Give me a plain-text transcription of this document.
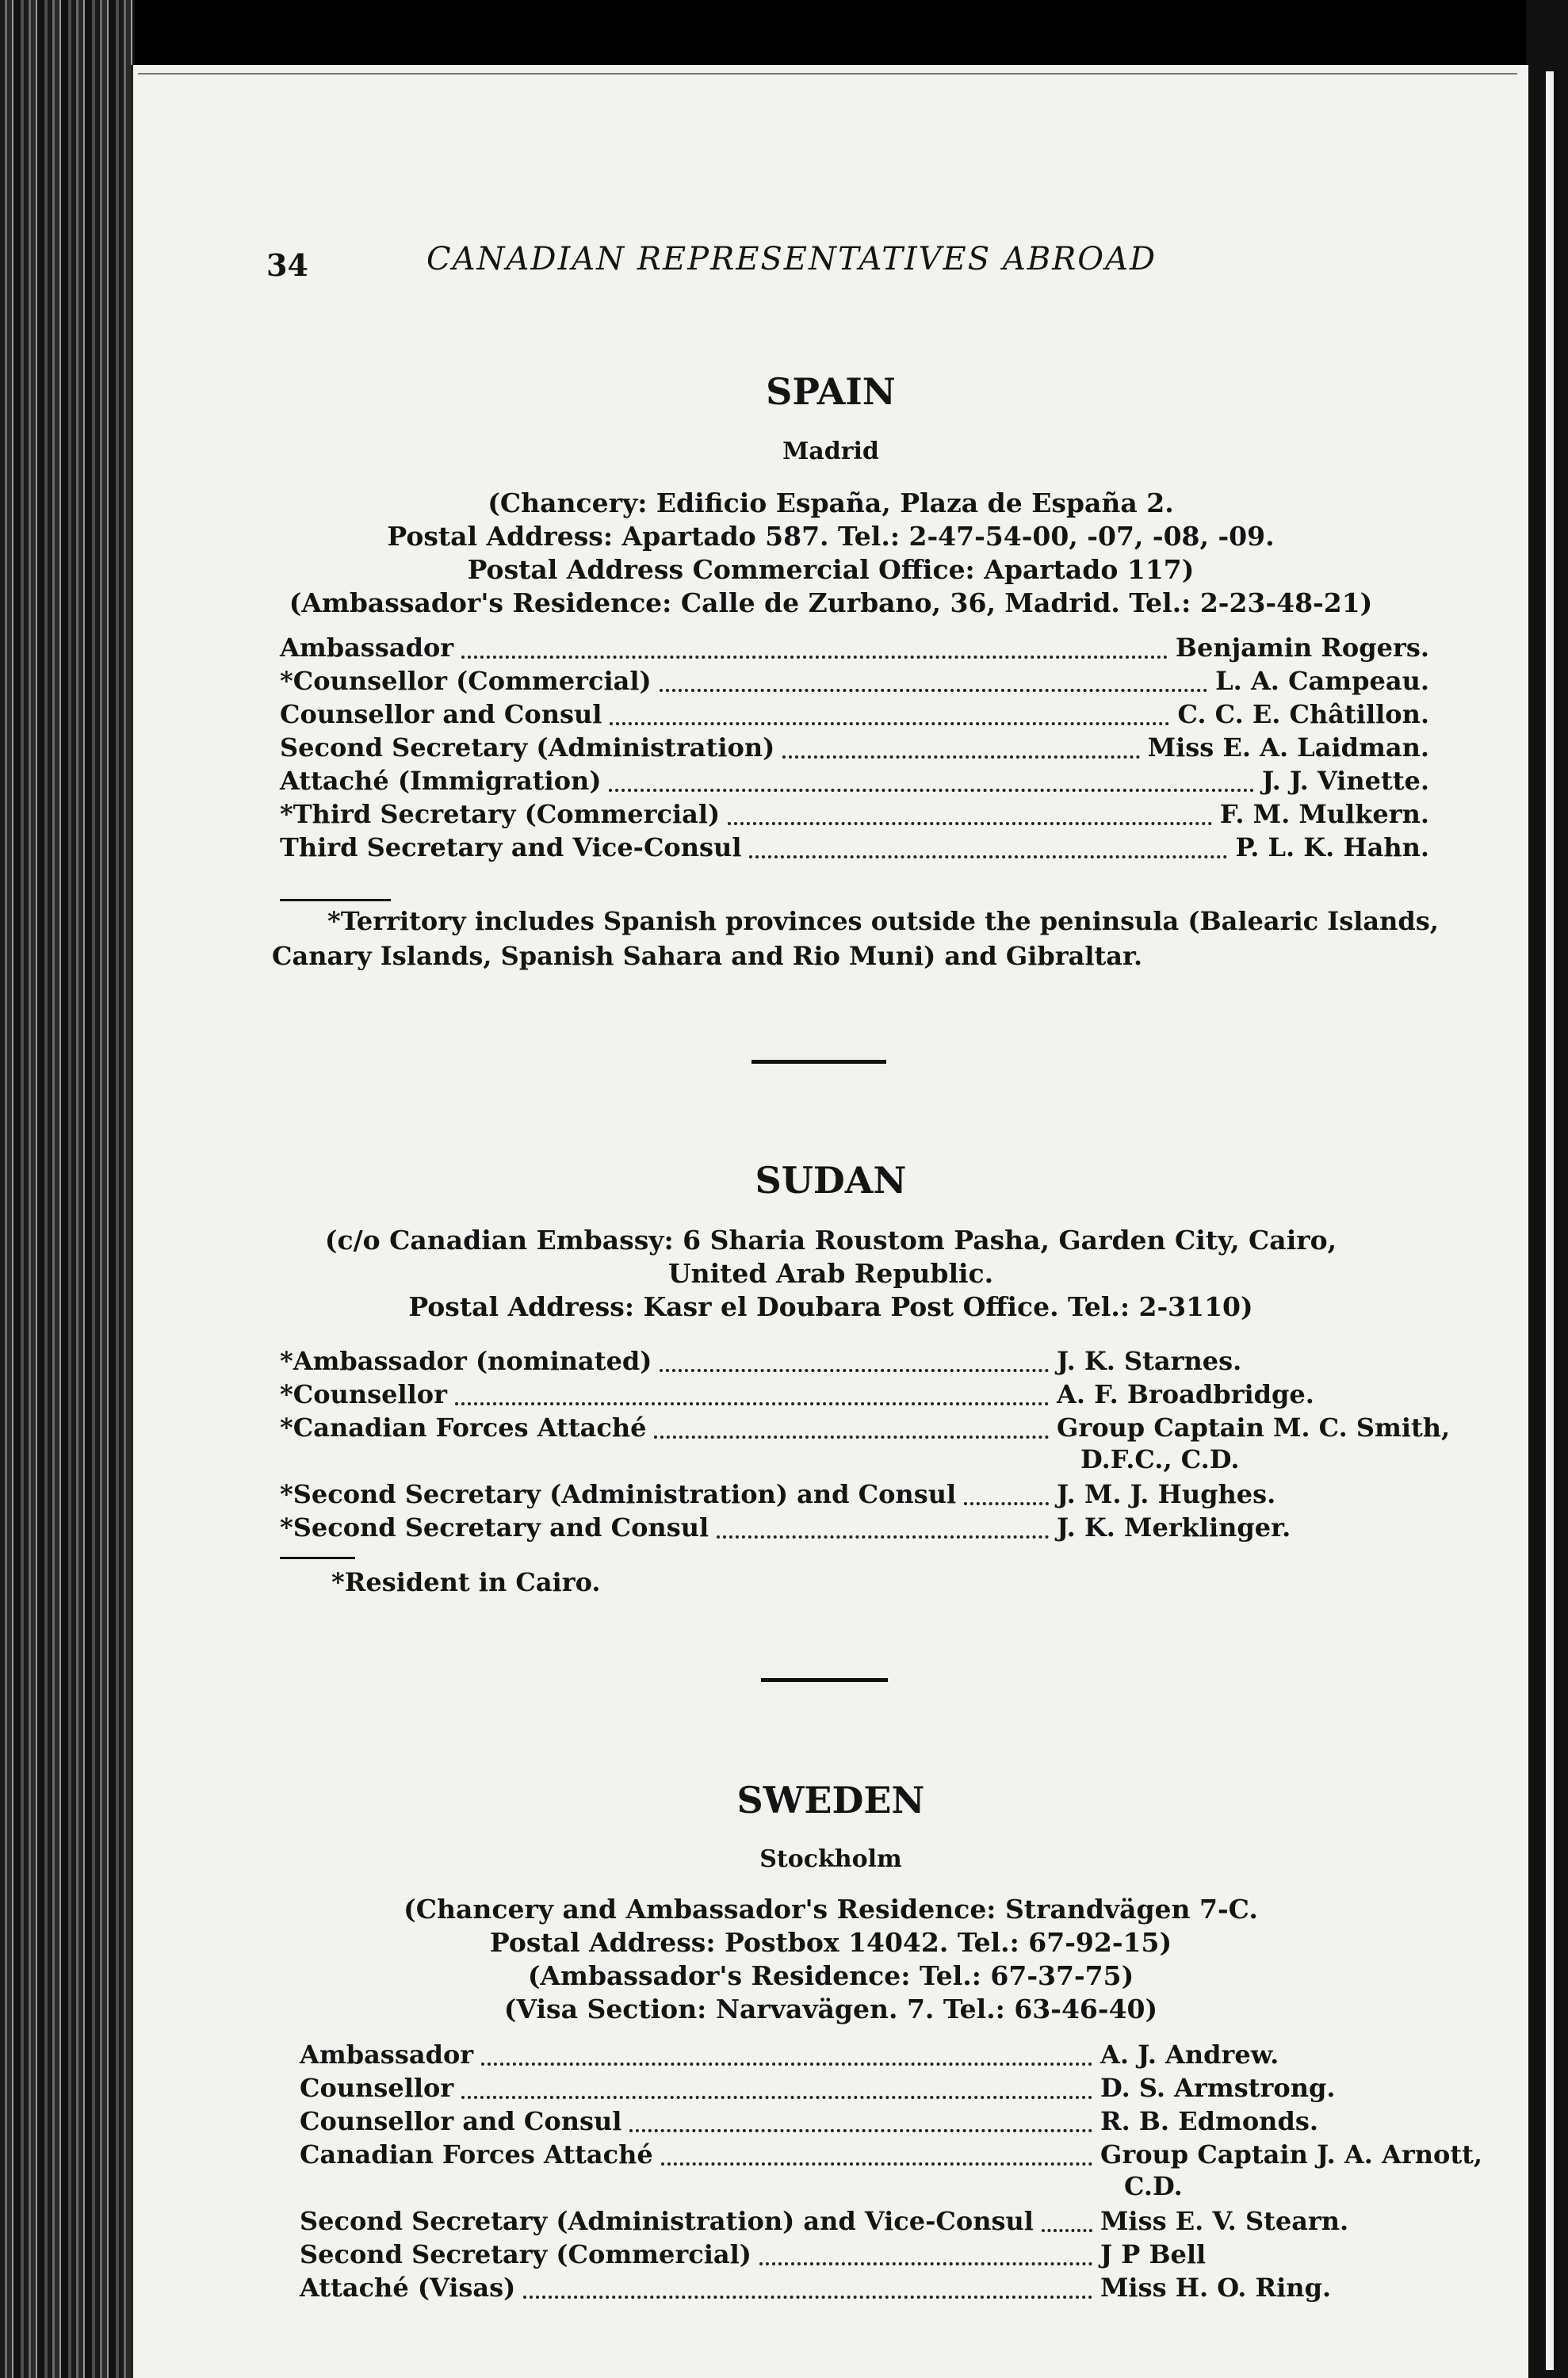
34	CANADIAN REPRESENTATIVES ABROAD
SPAIN
Madrid
(Chancery: Edificio España, Plaza de España 2.
Postal Address: Apartado 587. Tel.: 2-47-54-00, -07, -08, -09.
Postal Address Commercial Office: Apartado 117)
(Ambassador's Residence: Calle de Zurbano, 36, Madrid. Tel.: 2-23-48-21)
Ambassador	Benjamin Rogers.
*Counsellor (Commercial)	L. A. Campeau.
Counsellor and Consul	C. C. E. Châtillon.
Second Secretary (Administration)	Miss E. A. Laidman.
Attaché (Immigration)	J. J. Vinette.
*Third Secretary (Commercial)	F. M. Mulkern.
Third Secretary and Vice-Consul	P. L. K. Hahn.
*Territory includes Spanish provinces outside the peninsula (Balearic Islands, Canary Islands, Spanish Sahara and Rio Muni) and Gibraltar.
SUDAN
(c/o Canadian Embassy: 6 Sharia Roustom Pasha, Garden City, Cairo,
United Arab Republic.
Postal Address: Kasr el Doubara Post Office. Tel.: 2-3110)
*Ambassador (nominated)	J. K. Starnes.
*Counsellor	A. F. Broadbridge.
*Canadian Forces Attaché	Group Captain M. C. Smith,
D.F.C., C.D.
*Second Secretary (Administration) and Consul	J. M. J. Hughes.
*Second Secretary and Consul	J. K. Merklinger.
*Resident in Cairo.
SWEDEN
Stockholm
(Chancery and Ambassador's Residence: Strandvägen 7-C.
Postal Address: Postbox 14042. Tel.: 67-92-15)
(Ambassador's Residence: Tel.: 67-37-75)
(Visa Section: Narvavägen. 7. Tel.: 63-46-40)
Ambassador	A. J. Andrew.
Counsellor	D. S. Armstrong.
Counsellor and Consul	R. B. Edmonds.
Canadian Forces Attaché	Group Captain J. A. Arnott,
C.D.
Second Secretary (Administration) and Vice-Consul	Miss E. V. Stearn.
Second Secretary (Commercial)	J P Bell
Attaché (Visas)	Miss H. O. Ring.
